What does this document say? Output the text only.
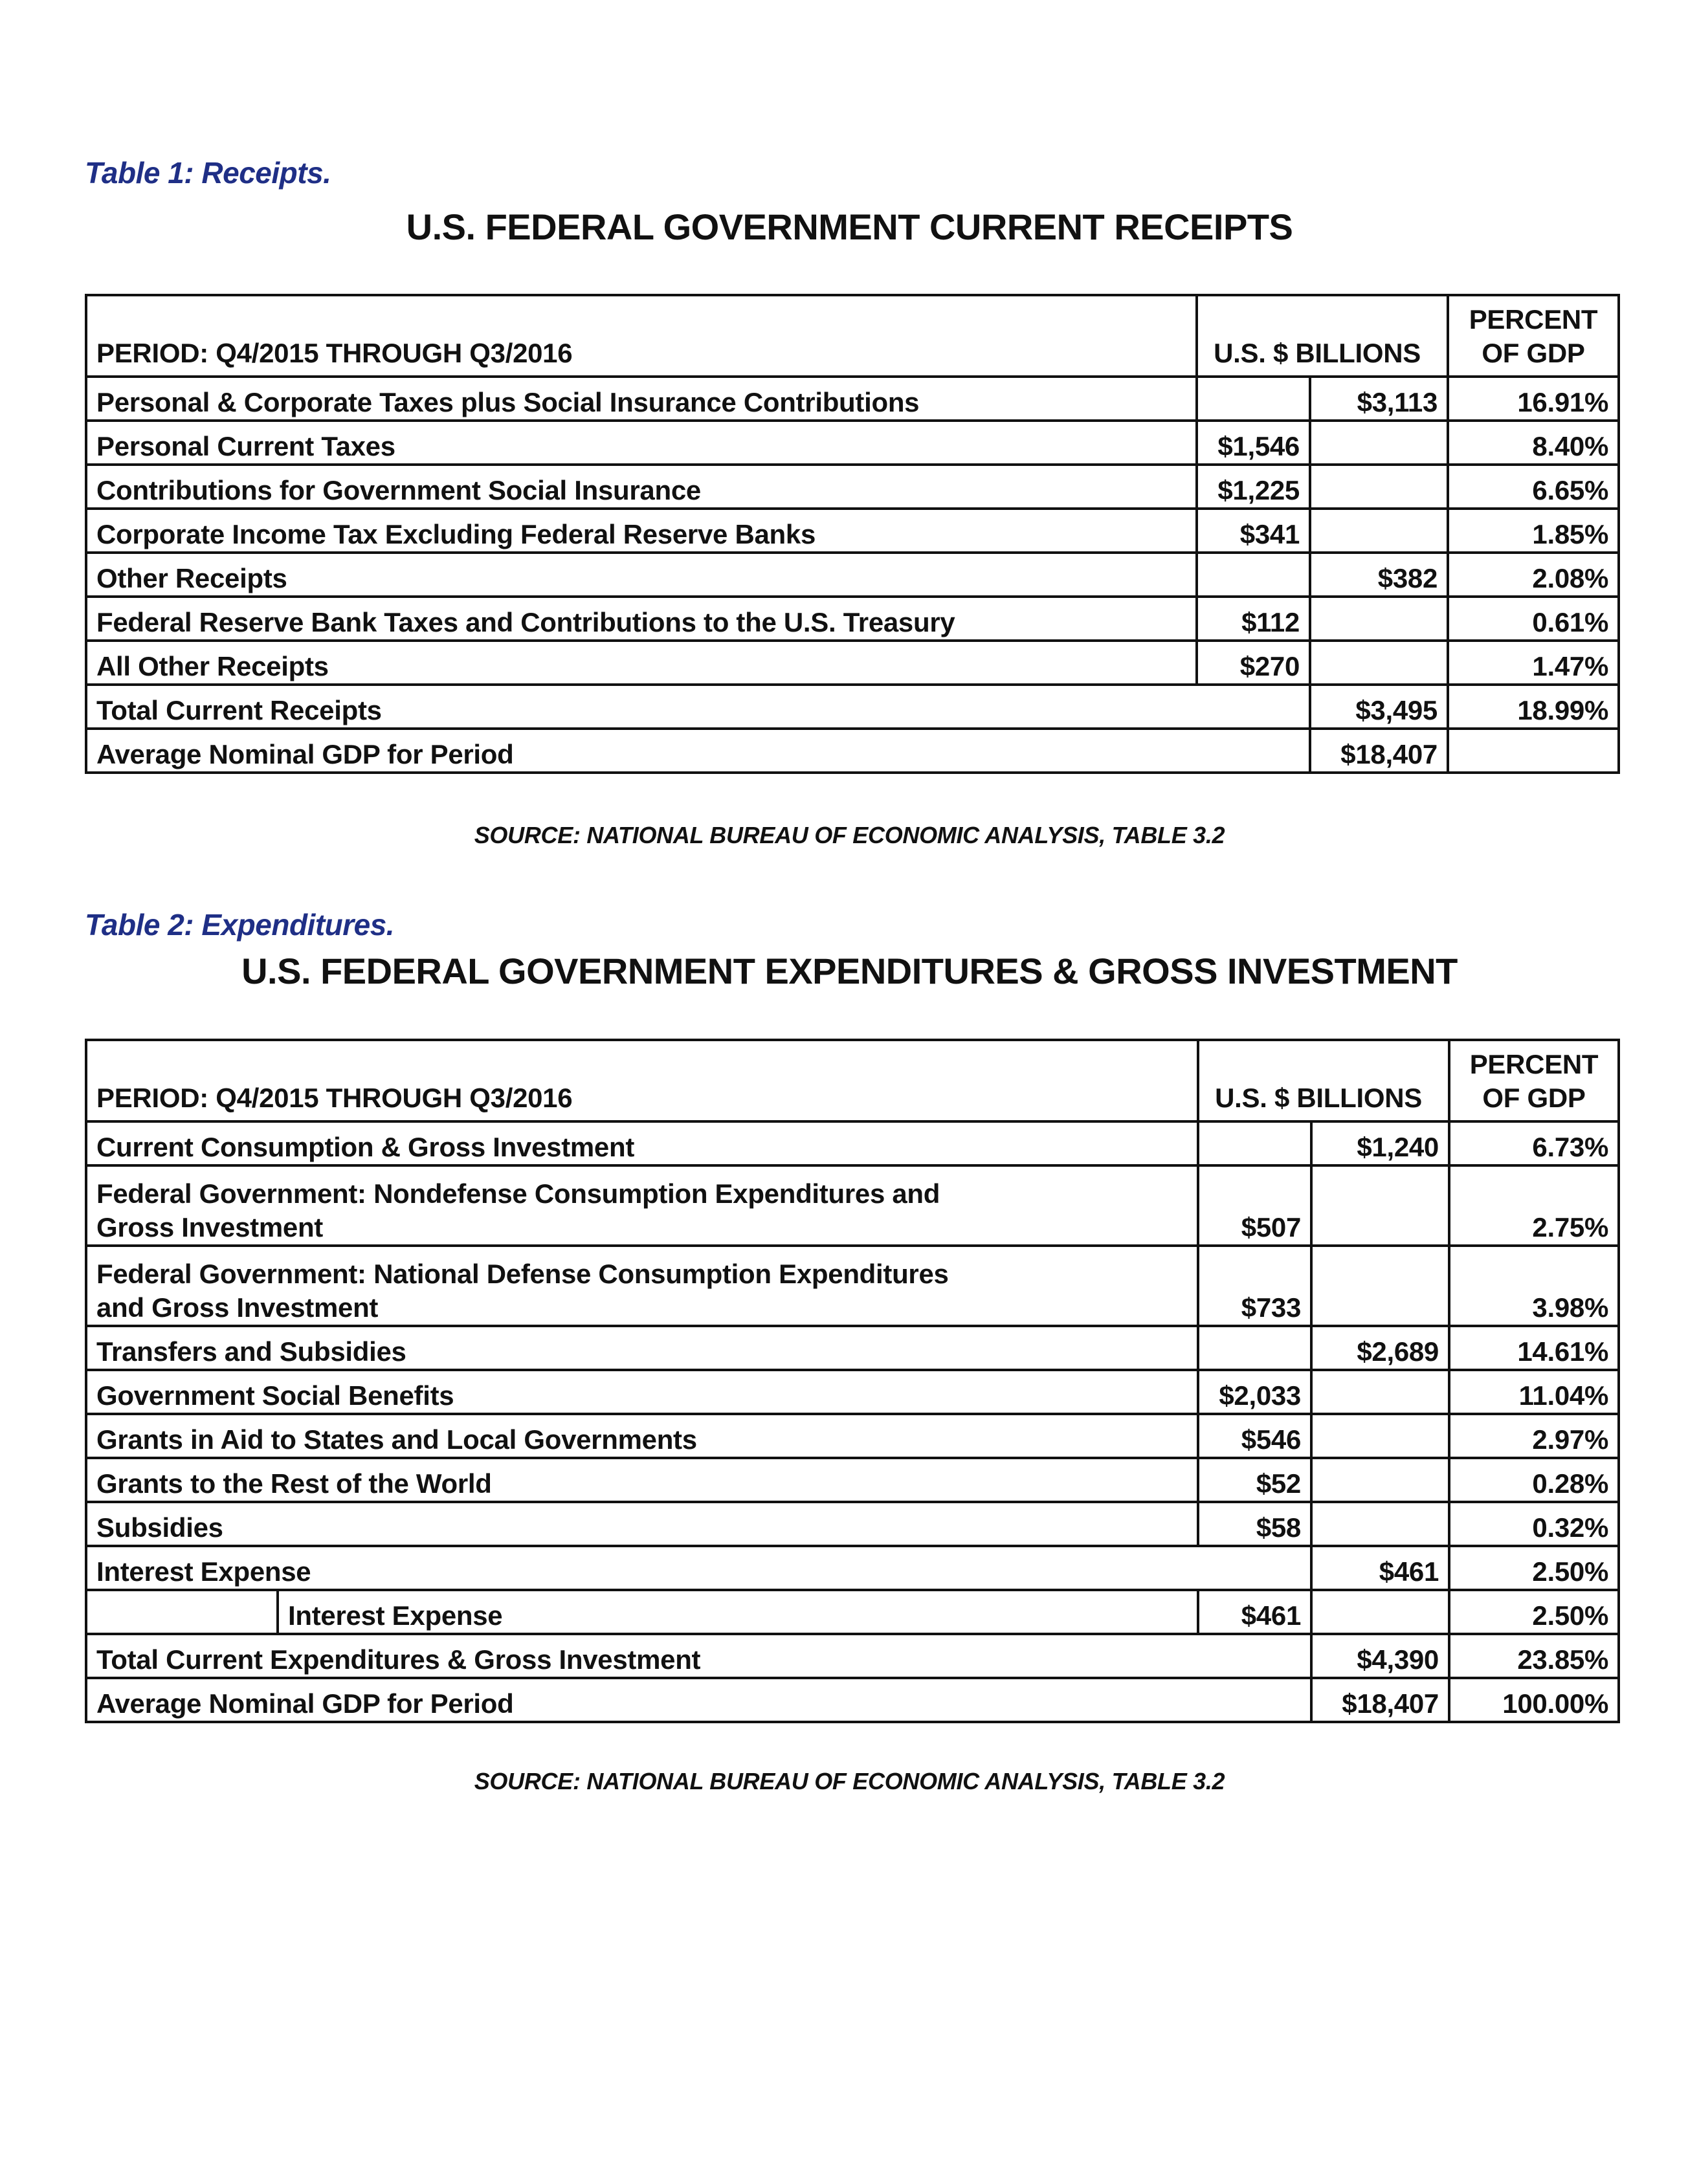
Table 1: Receipts.
U.S. FEDERAL GOVERNMENT CURRENT RECEIPTS
PERIOD: Q4/2015 THROUGH Q3/2016	U.S. $ BILLIONS		PERCENT
OF GDP
Personal & Corporate Taxes plus Social Insurance Contributions		$3,113	16.91%
Personal Current Taxes	$1,546		8.40%
Contributions for Government Social Insurance	$1,225		6.65%
Corporate Income Tax Excluding Federal Reserve Banks	$341		1.85%
Other Receipts		$382	2.08%
Federal Reserve Bank Taxes and Contributions to the U.S. Treasury	$112		0.61%
All Other Receipts	$270		1.47%
Total Current Receipts		$3,495	18.99%
Average Nominal GDP for Period		$18,407	
SOURCE: NATIONAL BUREAU OF ECONOMIC ANALYSIS, TABLE 3.2
Table 2: Expenditures.
U.S. FEDERAL GOVERNMENT EXPENDITURES & GROSS INVESTMENT
PERIOD: Q4/2015 THROUGH Q3/2016		U.S. $ BILLIONS		PERCENT
OF GDP
Current Consumption & Gross Investment			$1,240	6.73%
Federal Government: Nondefense Consumption Expenditures and
Gross Investment		$507		2.75%
Federal Government: National Defense Consumption Expenditures
and Gross Investment		$733		3.98%
Transfers and Subsidies			$2,689	14.61%
Government Social Benefits		$2,033		11.04%
Grants in Aid to States and Local Governments		$546		2.97%
Grants to the Rest of the World		$52		0.28%
Subsidies		$58		0.32%
Interest Expense			$461	2.50%
	Interest Expense	$461		2.50%
Total Current Expenditures & Gross Investment			$4,390	23.85%
Average Nominal GDP for Period			$18,407	100.00%
SOURCE: NATIONAL BUREAU OF ECONOMIC ANALYSIS, TABLE 3.2
